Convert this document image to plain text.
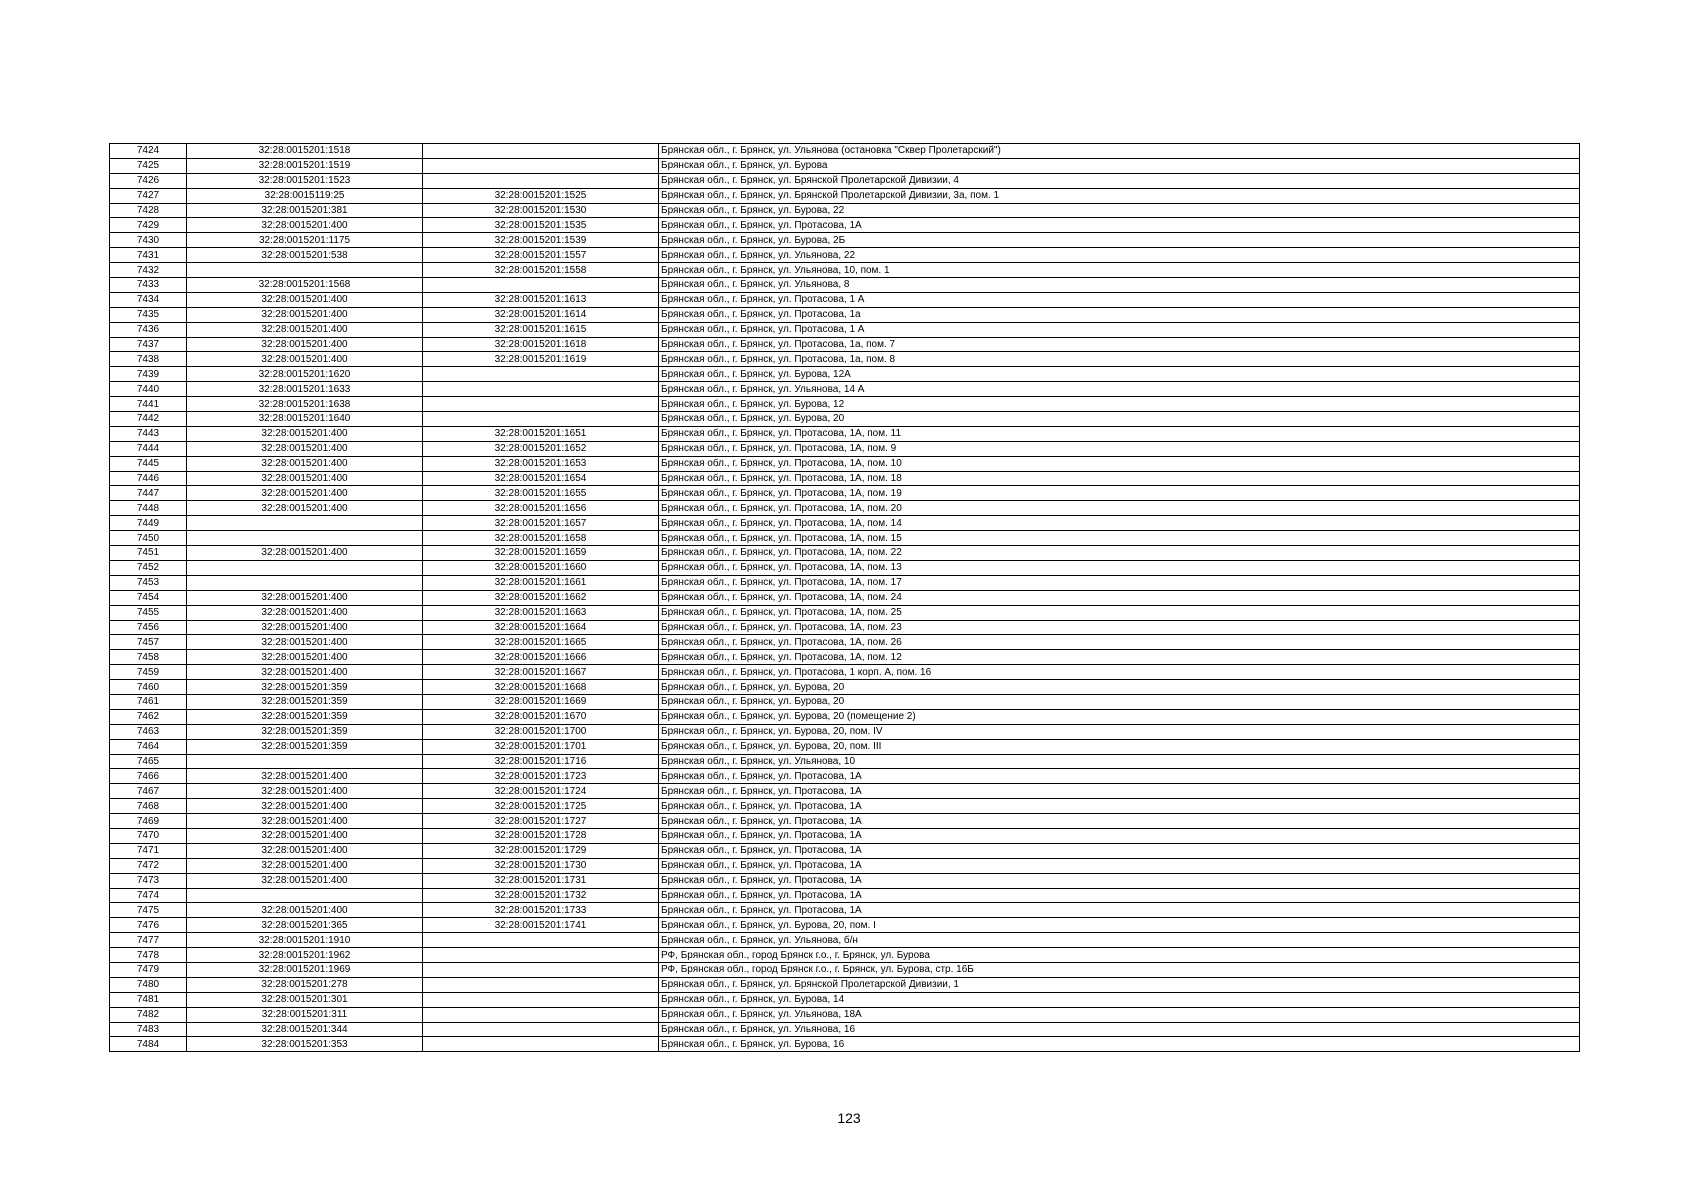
7424	32:28:0015201:1518		Брянская обл., г. Брянск, ул. Ульянова (остановка "Сквер Пролетарский")
7425	32:28:0015201:1519		Брянская обл., г. Брянск, ул. Бурова
7426	32:28:0015201:1523		Брянская обл., г. Брянск, ул. Брянской Пролетарской Дивизии, 4
7427	32:28:0015119:25	32:28:0015201:1525	Брянская обл., г. Брянск, ул. Брянской Пролетарской Дивизии, 3а, пом. 1
7428	32:28:0015201:381	32:28:0015201:1530	Брянская обл., г. Брянск, ул. Бурова, 22
7429	32:28:0015201:400	32:28:0015201:1535	Брянская обл., г. Брянск, ул. Протасова, 1А
7430	32:28:0015201:1175	32:28:0015201:1539	Брянская обл., г. Брянск, ул. Бурова, 2Б
7431	32:28:0015201:538	32:28:0015201:1557	Брянская обл., г. Брянск, ул. Ульянова, 22
7432		32:28:0015201:1558	Брянская обл., г. Брянск, ул. Ульянова, 10, пом. 1
7433	32:28:0015201:1568		Брянская обл., г. Брянск, ул. Ульянова, 8
7434	32:28:0015201:400	32:28:0015201:1613	Брянская обл., г. Брянск, ул. Протасова, 1 А
7435	32:28:0015201:400	32:28:0015201:1614	Брянская обл., г. Брянск, ул. Протасова, 1а
7436	32:28:0015201:400	32:28:0015201:1615	Брянская обл., г. Брянск, ул. Протасова, 1 А
7437	32:28:0015201:400	32:28:0015201:1618	Брянская обл., г. Брянск, ул. Протасова, 1а, пом. 7
7438	32:28:0015201:400	32:28:0015201:1619	Брянская обл., г. Брянск, ул. Протасова, 1а, пом. 8
7439	32:28:0015201:1620		Брянская обл., г. Брянск, ул. Бурова, 12А
7440	32:28:0015201:1633		Брянская обл., г. Брянск, ул. Ульянова, 14 А
7441	32:28:0015201:1638		Брянская обл., г. Брянск, ул. Бурова, 12
7442	32:28:0015201:1640		Брянская обл., г. Брянск, ул. Бурова, 20
7443	32:28:0015201:400	32:28:0015201:1651	Брянская обл., г. Брянск, ул. Протасова, 1А, пом. 11
7444	32:28:0015201:400	32:28:0015201:1652	Брянская обл., г. Брянск, ул. Протасова, 1А, пом. 9
7445	32:28:0015201:400	32:28:0015201:1653	Брянская обл., г. Брянск, ул. Протасова, 1А, пом. 10
7446	32:28:0015201:400	32:28:0015201:1654	Брянская обл., г. Брянск, ул. Протасова, 1А, пом. 18
7447	32:28:0015201:400	32:28:0015201:1655	Брянская обл., г. Брянск, ул. Протасова, 1А, пом. 19
7448	32:28:0015201:400	32:28:0015201:1656	Брянская обл., г. Брянск, ул. Протасова, 1А, пом. 20
7449		32:28:0015201:1657	Брянская обл., г. Брянск, ул. Протасова, 1А, пом. 14
7450		32:28:0015201:1658	Брянская обл., г. Брянск, ул. Протасова, 1А, пом. 15
7451	32:28:0015201:400	32:28:0015201:1659	Брянская обл., г. Брянск, ул. Протасова, 1А, пом. 22
7452		32:28:0015201:1660	Брянская обл., г. Брянск, ул. Протасова, 1А, пом. 13
7453		32:28:0015201:1661	Брянская обл., г. Брянск, ул. Протасова, 1А, пом. 17
7454	32:28:0015201:400	32:28:0015201:1662	Брянская обл., г. Брянск, ул. Протасова, 1А, пом. 24
7455	32:28:0015201:400	32:28:0015201:1663	Брянская обл., г. Брянск, ул. Протасова, 1А, пом. 25
7456	32:28:0015201:400	32:28:0015201:1664	Брянская обл., г. Брянск, ул. Протасова, 1А, пом. 23
7457	32:28:0015201:400	32:28:0015201:1665	Брянская обл., г. Брянск, ул. Протасова, 1А, пом. 26
7458	32:28:0015201:400	32:28:0015201:1666	Брянская обл., г. Брянск, ул. Протасова, 1А, пом. 12
7459	32:28:0015201:400	32:28:0015201:1667	Брянская обл., г. Брянск, ул. Протасова, 1 корп. А, пом. 16
7460	32:28:0015201:359	32:28:0015201:1668	Брянская обл., г. Брянск, ул. Бурова, 20
7461	32:28:0015201:359	32:28:0015201:1669	Брянская обл., г. Брянск, ул. Бурова, 20
7462	32:28:0015201:359	32:28:0015201:1670	Брянская обл., г. Брянск, ул. Бурова, 20 (помещение 2)
7463	32:28:0015201:359	32:28:0015201:1700	Брянская обл., г. Брянск, ул. Бурова, 20, пом. IV
7464	32:28:0015201:359	32:28:0015201:1701	Брянская обл., г. Брянск, ул. Бурова, 20, пом. III
7465		32:28:0015201:1716	Брянская обл., г. Брянск, ул. Ульянова, 10
7466	32:28:0015201:400	32:28:0015201:1723	Брянская обл., г. Брянск, ул. Протасова, 1А
7467	32:28:0015201:400	32:28:0015201:1724	Брянская обл., г. Брянск, ул. Протасова, 1А
7468	32:28:0015201:400	32:28:0015201:1725	Брянская обл., г. Брянск, ул. Протасова, 1А
7469	32:28:0015201:400	32:28:0015201:1727	Брянская обл., г. Брянск, ул. Протасова, 1А
7470	32:28:0015201:400	32:28:0015201:1728	Брянская обл., г. Брянск, ул. Протасова, 1А
7471	32:28:0015201:400	32:28:0015201:1729	Брянская обл., г. Брянск, ул. Протасова, 1А
7472	32:28:0015201:400	32:28:0015201:1730	Брянская обл., г. Брянск, ул. Протасова, 1А
7473	32:28:0015201:400	32:28:0015201:1731	Брянская обл., г. Брянск, ул. Протасова, 1А
7474		32:28:0015201:1732	Брянская обл., г. Брянск, ул. Протасова, 1А
7475	32:28:0015201:400	32:28:0015201:1733	Брянская обл., г. Брянск, ул. Протасова, 1А
7476	32:28:0015201:365	32:28:0015201:1741	Брянская обл., г. Брянск, ул. Бурова, 20, пом. I
7477	32:28:0015201:1910		Брянская обл., г. Брянск, ул. Ульянова, б/н
7478	32:28:0015201:1962		РФ, Брянская обл., город Брянск г.о., г. Брянск, ул. Бурова
7479	32:28:0015201:1969		РФ, Брянская обл., город Брянск г.о., г. Брянск, ул. Бурова, стр. 16Б
7480	32:28:0015201:278		Брянская обл., г. Брянск, ул. Брянской Пролетарской Дивизии, 1
7481	32:28:0015201:301		Брянская обл., г. Брянск, ул. Бурова, 14
7482	32:28:0015201:311		Брянская обл., г. Брянск, ул. Ульянова, 18А
7483	32:28:0015201:344		Брянская обл., г. Брянск, ул. Ульянова, 16
7484	32:28:0015201:353		Брянская обл., г. Брянск, ул. Бурова, 16
123
